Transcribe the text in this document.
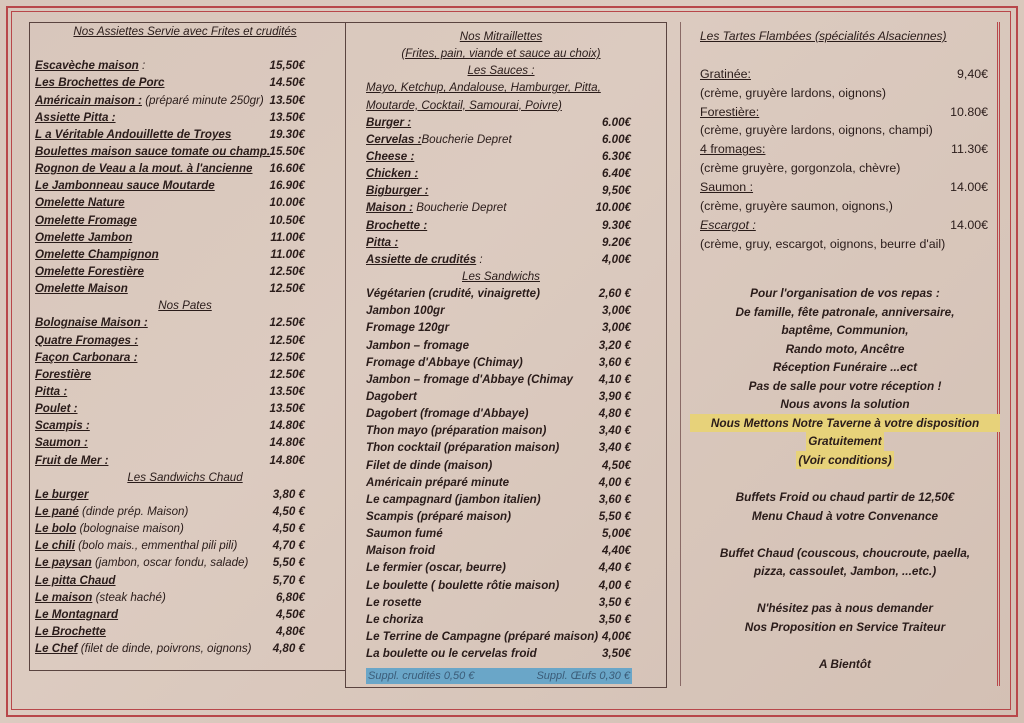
Nos Assiettes Servie avec Frites et crudités
Escavèche maison :	15,50€
Les Brochettes de Porc	14.50€
Américain maison : (préparé minute 250gr) 13.50€
Assiette Pitta :	13.50€
L a Véritable Andouillette de Troyes	19.30€
Boulettes maison sauce tomate ou champ. 15.50€
Rognon de Veau a la mout. à l'ancienne 16.60€
Le Jambonneau sauce Moutarde	16.90€
Omelette Nature	10.00€
Omelette Fromage	10.50€
Omelette Jambon	11.00€
Omelette Champignon	11.00€
Omelette Forestière	12.50€
Omelette Maison	12.50€
Nos Pates
Bolognaise Maison :	12.50€
Quatre Fromages :	12.50€
Façon Carbonara :	12.50€
Forestière	12.50€
Pitta :	13.50€
Poulet :	13.50€
Scampis :	14.80€
Saumon :	14.80€
Fruit de Mer :	14.80€
Les Sandwichs Chaud
Le burger	3,80 €
Le pané (dinde prép. Maison)	4,50 €
Le bolo (bolognaise maison)	4,50 €
Le chili (bolo mais., emmenthal pili pili)	4,70 €
Le paysan (jambon, oscar fondu, salade) 5,50 €
Le pitta Chaud	5,70 €
Le maison (steak haché)	6,80€
Le Montagnard	4,50€
Le Brochette	4,80€
Le Chef (filet de dinde, poivrons, oignons) 4,80 €
Nos Mitraillettes
(Frites, pain, viande et sauce au choix)
Les Sauces :
Mayo, Ketchup, Andalouse, Hamburger, Pitta,
Moutarde, Cocktail, Samourai, Poivre)
Burger :	6.00€
Cervelas :Boucherie Depret	6.00€
Cheese :	6.30€
Chicken :	6.40€
Bigburger :	9,50€
Maison : Boucherie Depret	10.00€
Brochette :	9.30€
Pitta :	9.20€
Assiette de crudités :	4,00€
Les Sandwichs
Végétarien (crudité, vinaigrette)	2,60 €
Jambon 100gr	3,00€
Fromage 120gr	3,00€
Jambon – fromage	3,20 €
Fromage d'Abbaye (Chimay)	3,60 €
Jambon – fromage d'Abbaye (Chimay 4,10 €
Dagobert	3,90 €
Dagobert (fromage d'Abbaye)	4,80 €
Thon mayo (préparation maison)	3,40 €
Thon cocktail (préparation maison)	3,40 €
Filet de dinde (maison)	4,50€
Américain préparé minute	4,00 €
Le campagnard (jambon italien)	3,60 €
Scampis (préparé maison)	5,50 €
Saumon fumé	5,00€
Maison froid	4,40€
Le fermier (oscar, beurre)	4,40 €
Le boulette ( boulette rôtie maison)	4,00 €
Le rosette	3,50 €
Le choriza	3,50 €
Le Terrine de Campagne (préparé maison) 4,00€
La boulette ou le cervelas froid	3,50€
Suppl. crudités 0,50 €	Suppl. Œufs 0,30 €
Les Tartes Flambées (spécialités Alsaciennes)
Gratinée:	9,40€
(crème, gruyère lardons, oignons)
Forestière:	10.80€
(crème, gruyère lardons, oignons, champi)
4 fromages:	11.30€
(crème gruyère, gorgonzola, chèvre)
Saumon :	14.00€
(crème, gruyère saumon, oignons,)
Escargot :	14.00€
(crème, gruy, escargot, oignons, beurre d'ail)
Pour l'organisation de vos repas :
De famille, fête patronale, anniversaire,
baptême, Communion,
Rando moto, Ancêtre
Réception Funéraire ...ect
Pas de salle pour votre réception !
Nous avons la solution
Nous Mettons Notre Taverne à votre disposition
Gratuitement
(Voir conditions)
Buffets Froid ou chaud partir de 12,50€
Menu Chaud à votre Convenance
Buffet Chaud (couscous, choucroute, paella,
pizza, cassoulet, Jambon, ...etc.)
N'hésitez pas à nous demander
Nos Proposition en Service Traiteur
A Bientôt
